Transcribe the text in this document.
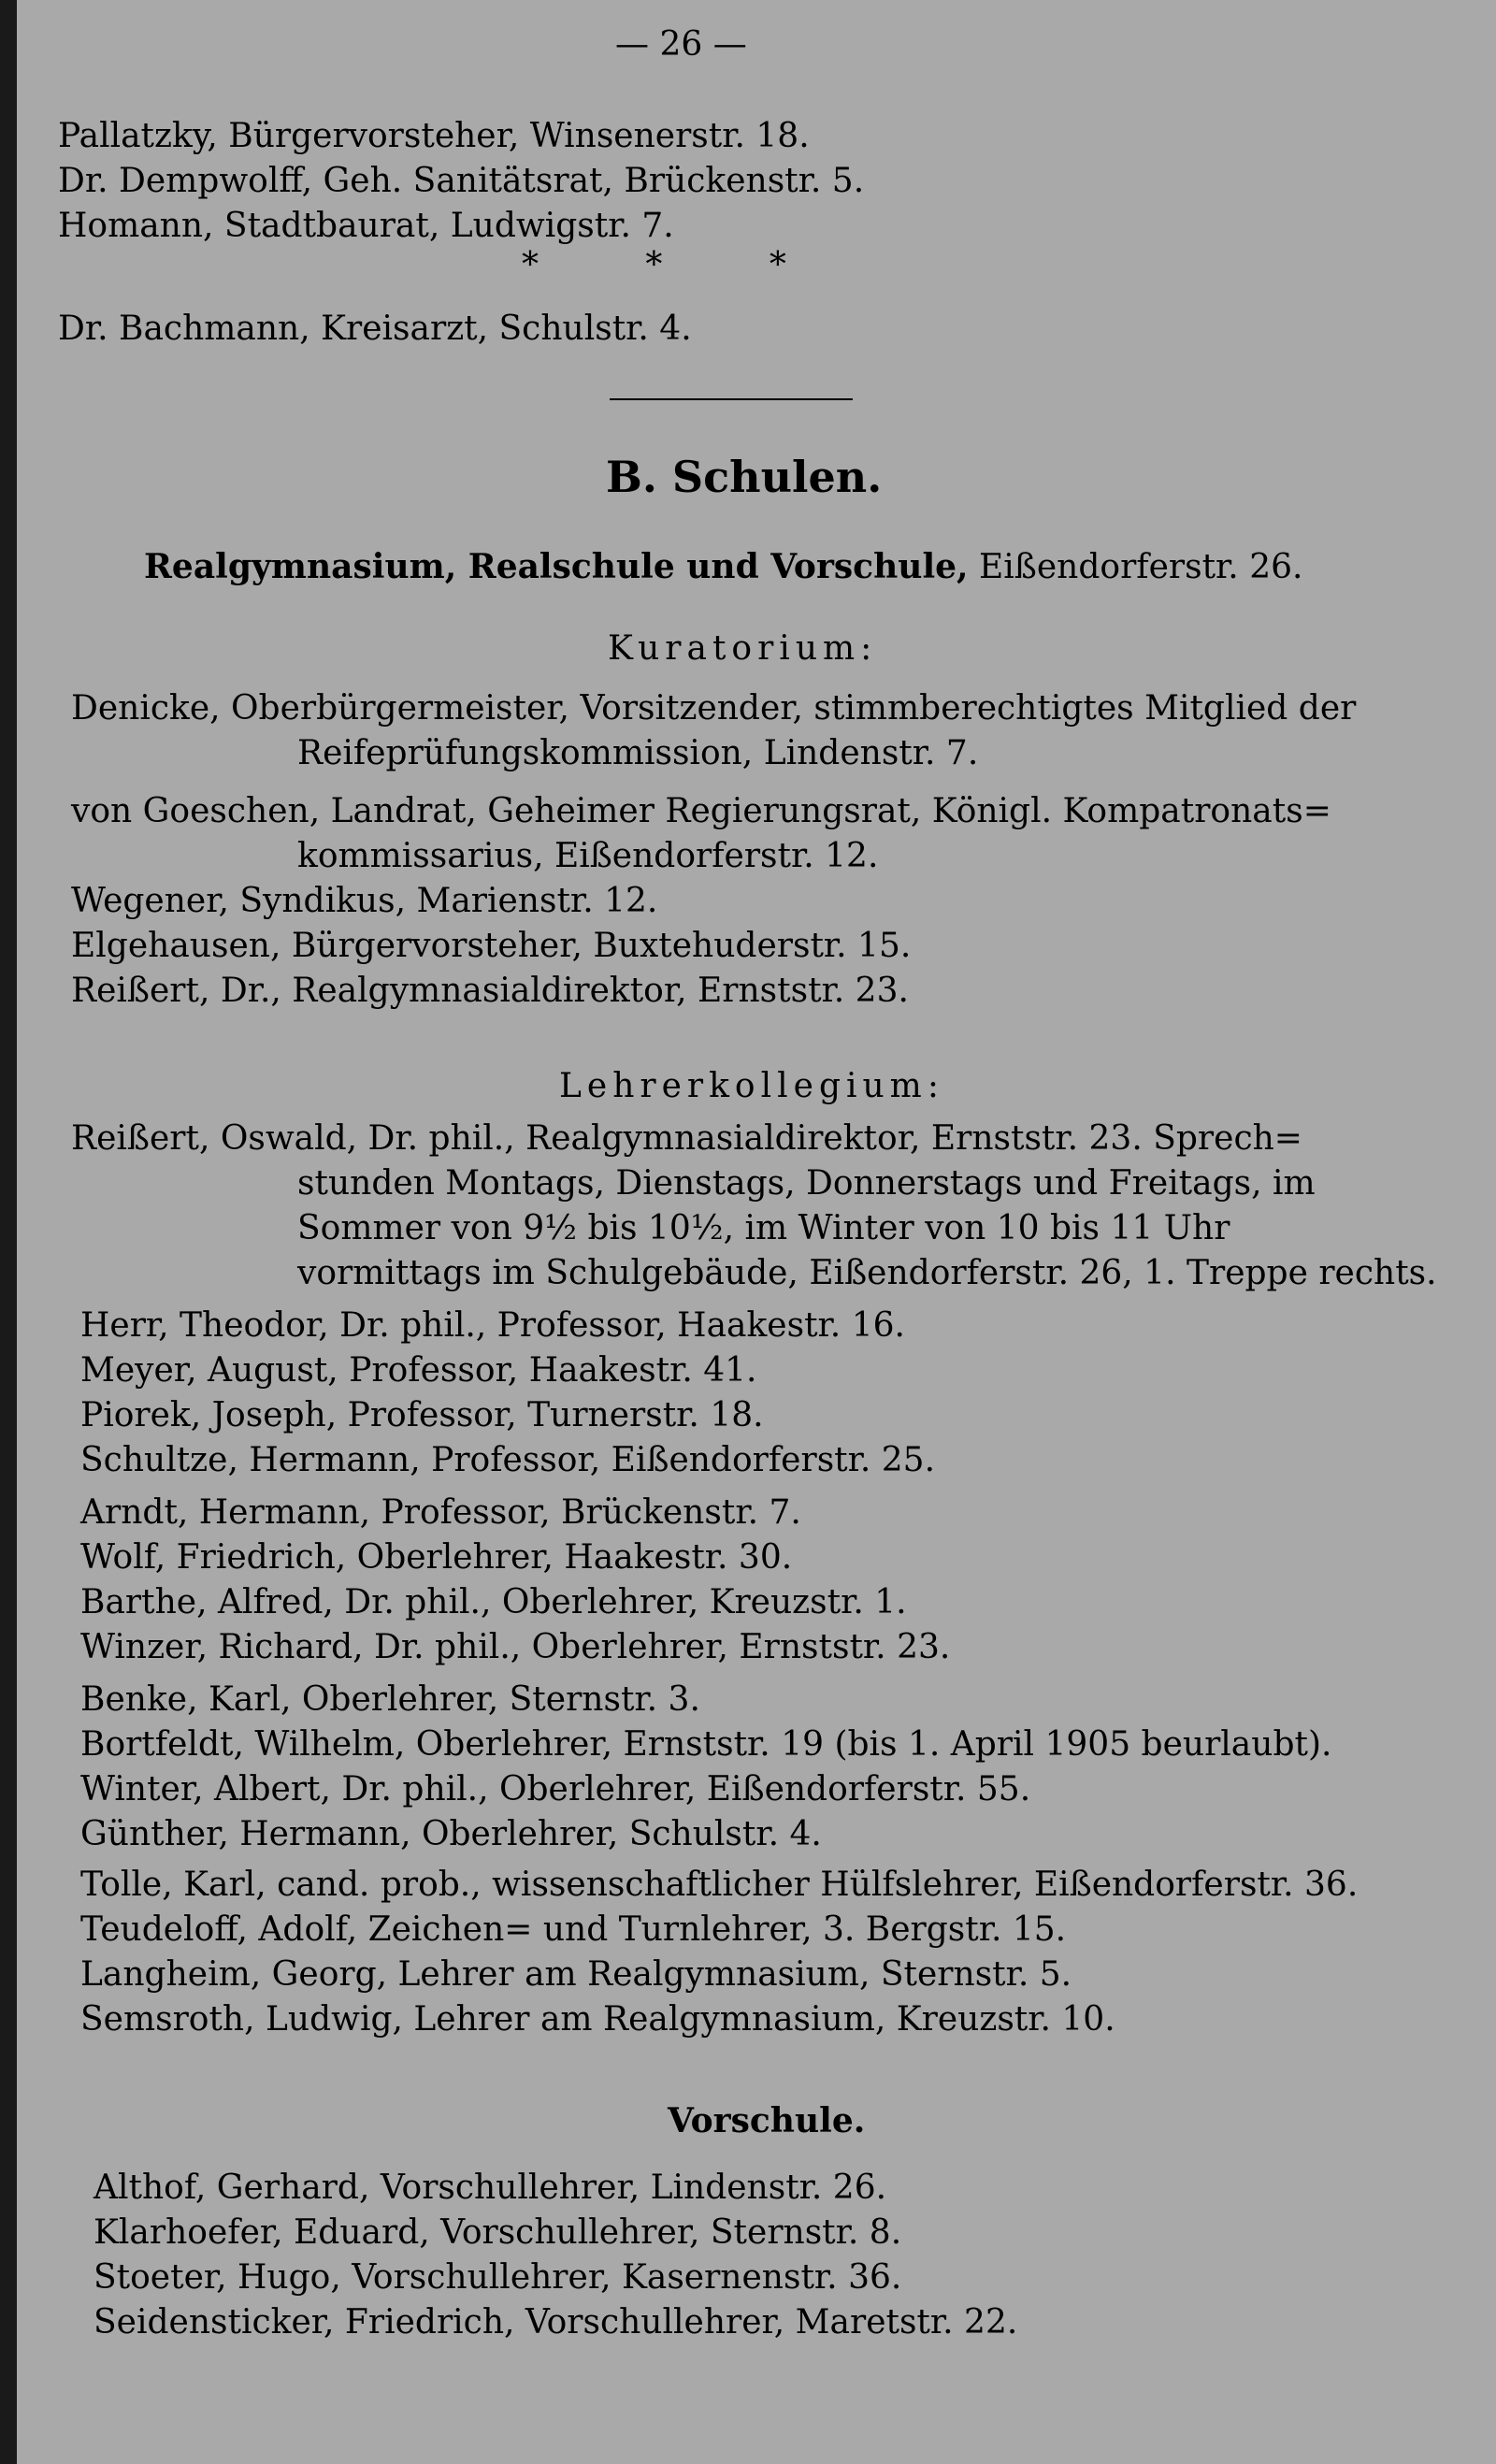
— 26 —
Pallatzky, Bürgervorsteher, Winsenerstr. 18.
Dr. Dempwolff, Geh. Sanitätsrat, Brückenstr. 5.
Homann, Stadtbaurat, Ludwigstr. 7.
*          *          *
Dr. Bachmann, Kreisarzt, Schulstr. 4.
B. Schulen.
Realgymnasium, Realschule und Vorschule, Eißendorferstr. 26.
Kuratorium:
Denicke, Oberbürgermeister, Vorsitzender, stimmberechtigtes Mitglied der
Reifeprüfungskommission, Lindenstr. 7.
von Goeschen, Landrat, Geheimer Regierungsrat, Königl. Kompatronats=
kommissarius, Eißendorferstr. 12.
Wegener, Syndikus, Marienstr. 12.
Elgehausen, Bürgervorsteher, Buxtehuderstr. 15.
Reißert, Dr., Realgymnasialdirektor, Ernststr. 23.
Lehrerkollegium:
Reißert, Oswald, Dr. phil., Realgymnasialdirektor, Ernststr. 23. Sprech=
stunden Montags, Dienstags, Donnerstags und Freitags, im
Sommer von 9½ bis 10½, im Winter von 10 bis 11 Uhr
vormittags im Schulgebäude, Eißendorferstr. 26, 1. Treppe rechts.
Herr, Theodor, Dr. phil., Professor, Haakestr. 16.
Meyer, August, Professor, Haakestr. 41.
Piorek, Joseph, Professor, Turnerstr. 18.
Schultze, Hermann, Professor, Eißendorferstr. 25.
Arndt, Hermann, Professor, Brückenstr. 7.
Wolf, Friedrich, Oberlehrer, Haakestr. 30.
Barthe, Alfred, Dr. phil., Oberlehrer, Kreuzstr. 1.
Winzer, Richard, Dr. phil., Oberlehrer, Ernststr. 23.
Benke, Karl, Oberlehrer, Sternstr. 3.
Bortfeldt, Wilhelm, Oberlehrer, Ernststr. 19 (bis 1. April 1905 beurlaubt).
Winter, Albert, Dr. phil., Oberlehrer, Eißendorferstr. 55.
Günther, Hermann, Oberlehrer, Schulstr. 4.
Tolle, Karl, cand. prob., wissenschaftlicher Hülfslehrer, Eißendorferstr. 36.
Teudeloff, Adolf, Zeichen= und Turnlehrer, 3. Bergstr. 15.
Langheim, Georg, Lehrer am Realgymnasium, Sternstr. 5.
Semsroth, Ludwig, Lehrer am Realgymnasium, Kreuzstr. 10.
Vorschule.
Althof, Gerhard, Vorschullehrer, Lindenstr. 26.
Klarhoefer, Eduard, Vorschullehrer, Sternstr. 8.
Stoeter, Hugo, Vorschullehrer, Kasernenstr. 36.
Seidensticker, Friedrich, Vorschullehrer, Maretstr. 22.
